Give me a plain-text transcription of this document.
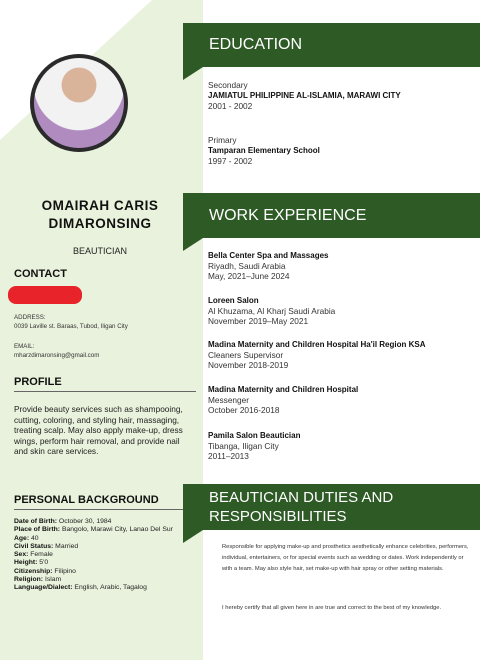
OMAIRAH CARIS
DIMARONSING
BEAUTICIAN
CONTACT
ADDRESS:
0039 Laville st. Baraas, Tubod, Iligan City
EMAIL:
mharzdimaronsing@gmail.com
PROFILE
Provide beauty services such as shampooing, cutting, coloring, and styling hair, massaging, treating scalp. May also apply make-up, dress wings, perform hair removal, and provide nail and skin care services.
PERSONAL BACKGROUND
Date of Birth: October 30, 1984
Place of Birth: Bangolo, Marawi City, Lanao Del Sur
Age: 40
Civil Status: Married
Sex: Female
Height: 5'0
Citizenship: Filipino
Religion: Islam
Language/Dialect: English, Arabic, Tagalog
EDUCATION
Secondary
JAMIATUL PHILIPPINE AL-ISLAMIA, MARAWI CITY
2001 - 2002
Primary
Tamparan Elementary School
1997 - 2002
WORK EXPERIENCE
Bella Center Spa and Massages
Riyadh, Saudi Arabia
May, 2021–June 2024
Loreen Salon
Al Khuzama, Al Kharj Saudi Arabia
November 2019–May 2021
Madina Maternity and Children Hospital Ha'il Region KSA
Cleaners Supervisor
November 2018-2019
Madina Maternity and Children Hospital
Messenger
October 2016-2018
Pamila Salon Beautician
Tibanga, Iligan City
2011–2013
BEAUTICIAN DUTIES AND
RESPONSIBILITIES
Responsible for applying make-up and prosthetics aesthetically enhance celebrities, performers, individual, entertainers, or for special events such as wedding or dates. Work independently or with a team. May also style hair, set make-up with hair spray or other setting materials.
I hereby certify that all given here in are true and correct to the best of my knowledge.
